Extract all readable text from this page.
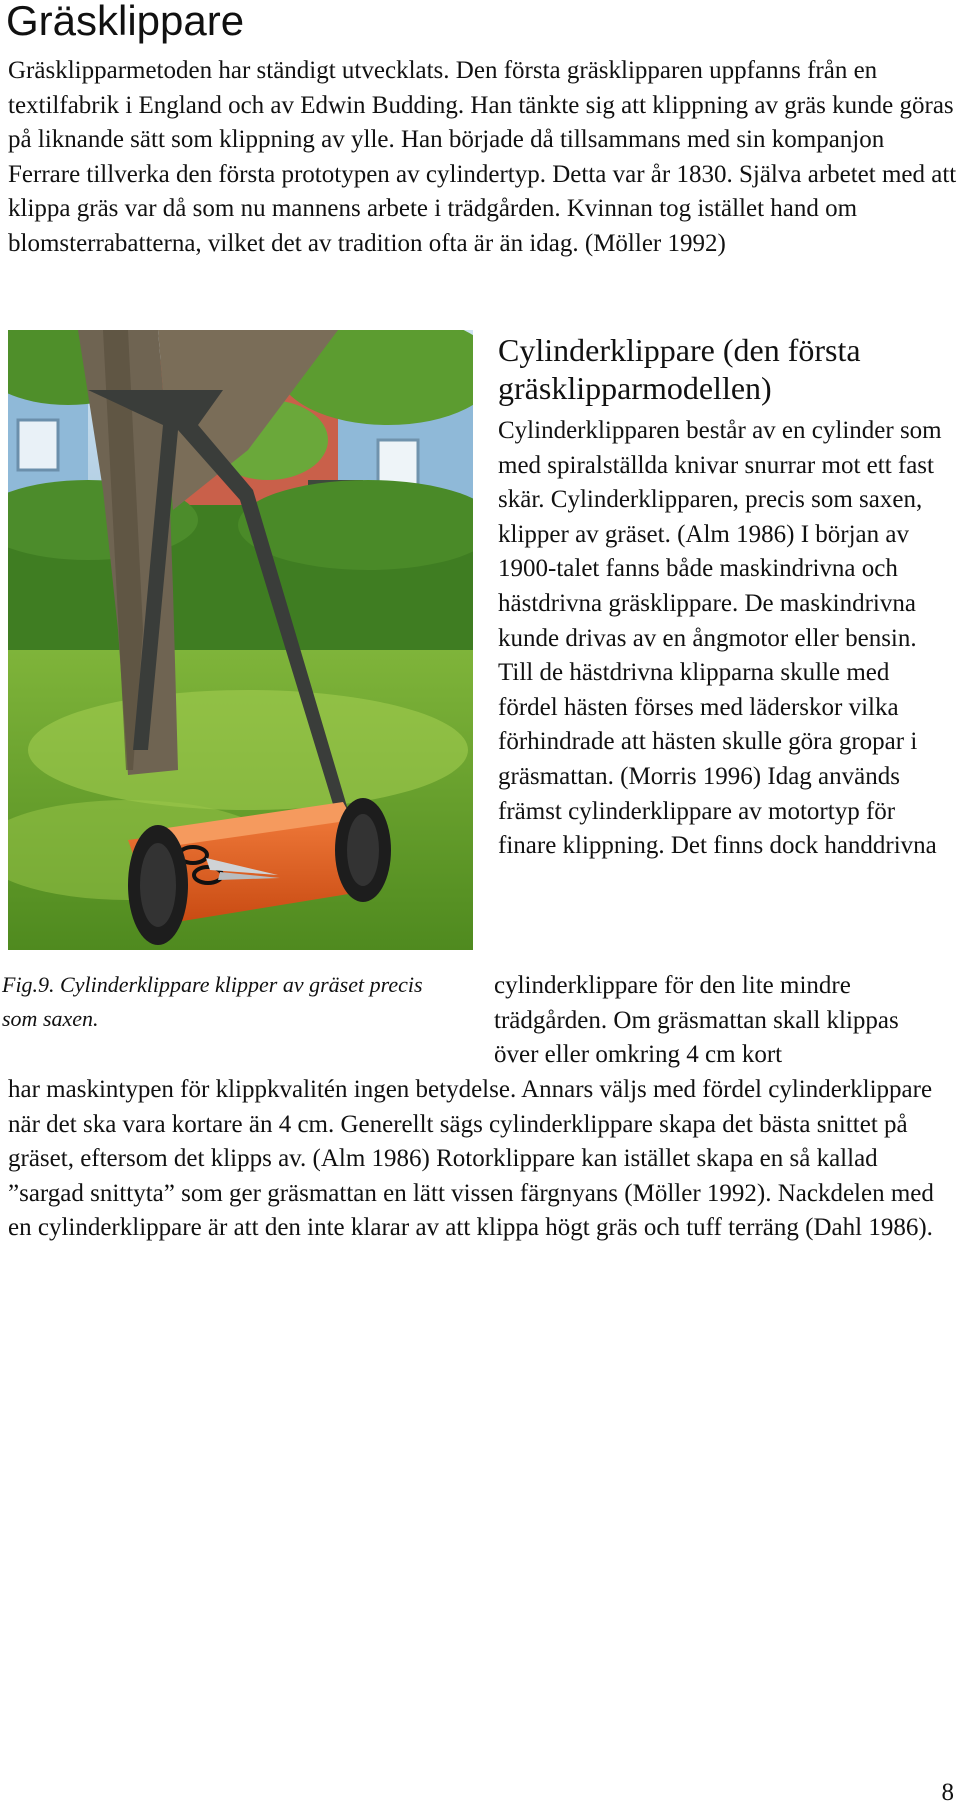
Gräsklippare

Gräsklipparmetoden har ständigt utvecklats. Den första gräsklipparen uppfanns från en textilfabrik i England och av Edwin Budding. Han tänkte sig att klippning av gräs kunde göras på liknande sätt som klippning av ylle. Han började då tillsammans med sin kompanjon Ferrare tillverka den första prototypen av cylindertyp. Detta var år 1830. Själva arbetet med att klippa gräs var då som nu mannens arbete i trädgården. Kvinnan tog istället hand om blomsterrabatterna, vilket det av tradition ofta är än idag. (Möller 1992)

Fig.9. Cylinderklippare klipper av gräset precis som saxen.

Cylinderklippare (den första gräsklipparmodellen)

Cylinderklipparen består av en cylinder som med spiralställda knivar snurrar mot ett fast skär. Cylinderklipparen, precis som saxen, klipper av gräset. (Alm 1986) I början av 1900-talet fanns både maskindrivna och hästdrivna gräsklippare. De maskindrivna kunde drivas av en ångmotor eller bensin. Till de hästdrivna klipparna skulle med fördel hästen förses med läderskor vilka förhindrade att hästen skulle göra gropar i gräsmattan. (Morris 1996) Idag används främst cylinderklippare av motortyp för finare klippning. Det finns dock handdrivna

cylinderklippare för den lite mindre trädgården. Om gräsmattan skall klippas över eller omkring 4 cm kort

har maskintypen för klippkvalitén ingen betydelse. Annars väljs med fördel cylinderklippare när det ska vara kortare än 4 cm. Generellt sägs cylinderklippare skapa det bästa snittet på gräset, eftersom det klipps av. (Alm 1986) Rotorklippare kan istället skapa en så kallad ”sargad snittyta” som ger gräsmattan en lätt vissen färgnyans (Möller 1992). Nackdelen med en cylinderklippare är att den inte klarar av att klippa högt gräs och tuff terräng (Dahl 1986).

8
